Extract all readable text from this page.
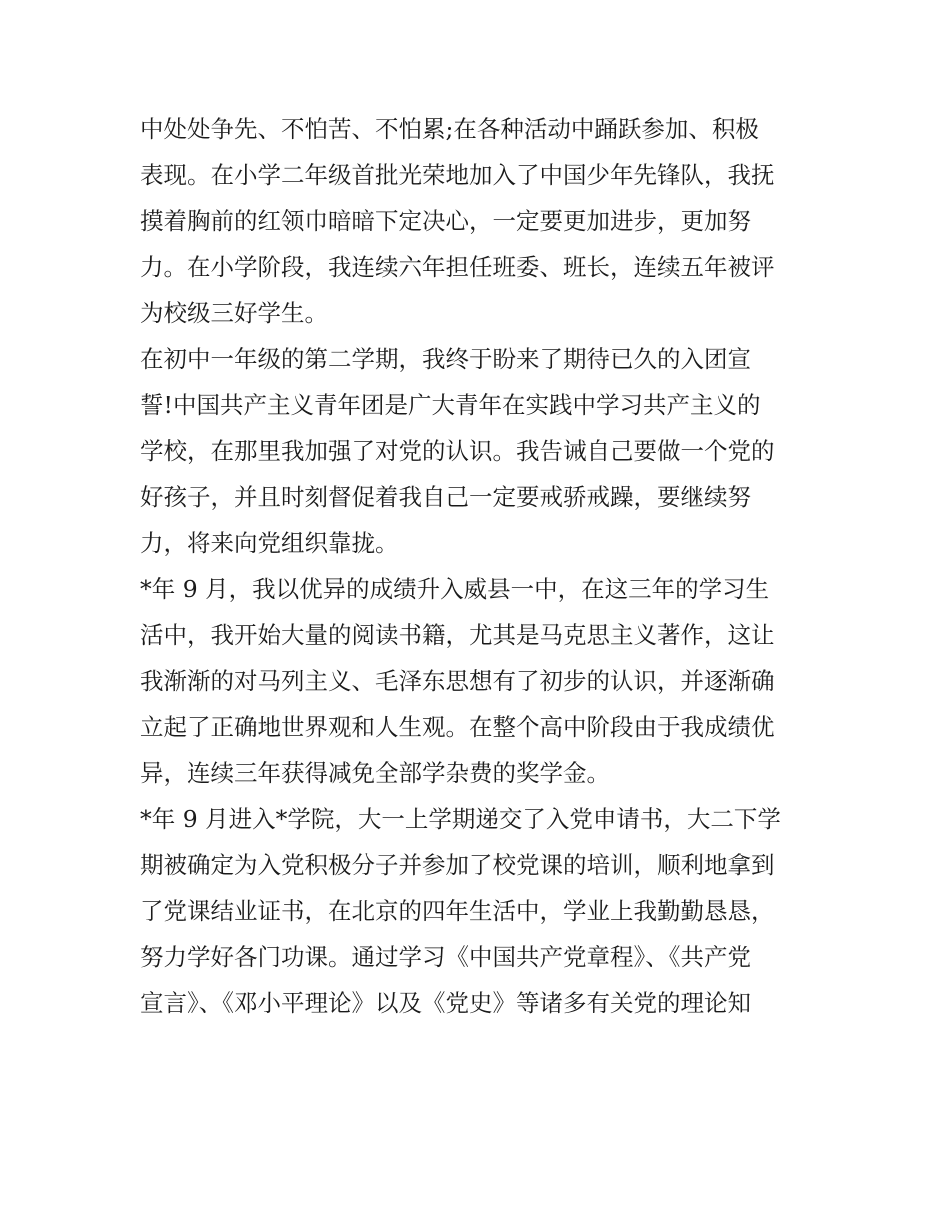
中处处争先、不怕苦、不怕累;在各种活动中踊跃参加、积极
表现。在小学二年级首批光荣地加入了中国少年先锋队，我抚
摸着胸前的红领巾暗暗下定决心，一定要更加进步，更加努
力。在小学阶段，我连续六年担任班委、班长，连续五年被评
为校级三好学生。
在初中一年级的第二学期，我终于盼来了期待已久的入团宣
誓!中国共产主义青年团是广大青年在实践中学习共产主义的
学校，在那里我加强了对党的认识。我告诫自己要做一个党的
好孩子，并且时刻督促着我自己一定要戒骄戒躁，要继续努
力，将来向党组织靠拢。
*年 9 月，我以优异的成绩升入威县一中，在这三年的学习生
活中，我开始大量的阅读书籍，尤其是马克思主义著作，这让
我渐渐的对马列主义、毛泽东思想有了初步的认识，并逐渐确
立起了正确地世界观和人生观。在整个高中阶段由于我成绩优
异，连续三年获得减免全部学杂费的奖学金。
*年 9 月进入*学院，大一上学期递交了入党申请书，大二下学
期被确定为入党积极分子并参加了校党课的培训，顺利地拿到
了党课结业证书，在北京的四年生活中，学业上我勤勤恳恳，
努力学好各门功课。通过学习《中国共产党章程》、《共产党
宣言》、《邓小平理论》以及《党史》等诸多有关党的理论知
